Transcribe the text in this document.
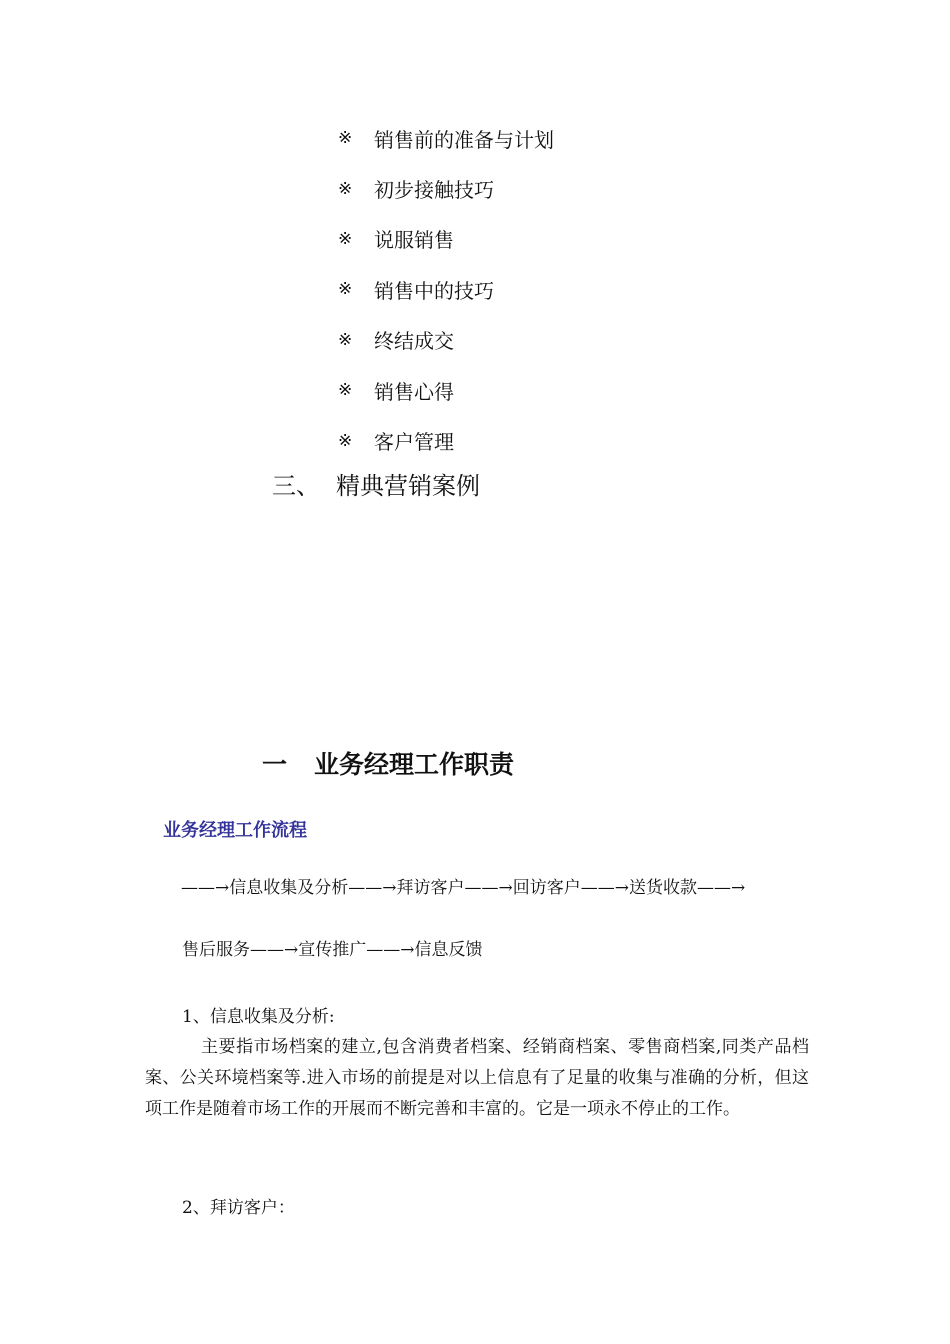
※	销售前的准备与计划
※	初步接触技巧
※	说服销售
※	销售中的技巧
※	终结成交
※	销售心得
※	客户管理
三、 精典营销案例
一	业务经理工作职责
业务经理工作流程
——→信息收集及分析——→拜访客户——→回访客户——→送货收款——→
售后服务——→宣传推广——→信息反馈
1、信息收集及分析:
主要指市场档案的建立,包含消费者档案、经销商档案、零售商档案,同类产品档案、公关环境档案等.进入市场的前提是对以上信息有了足量的收集与准确的分析，但这项工作是随着市场工作的开展而不断完善和丰富的。它是一项永不停止的工作。
2、拜访客户：
